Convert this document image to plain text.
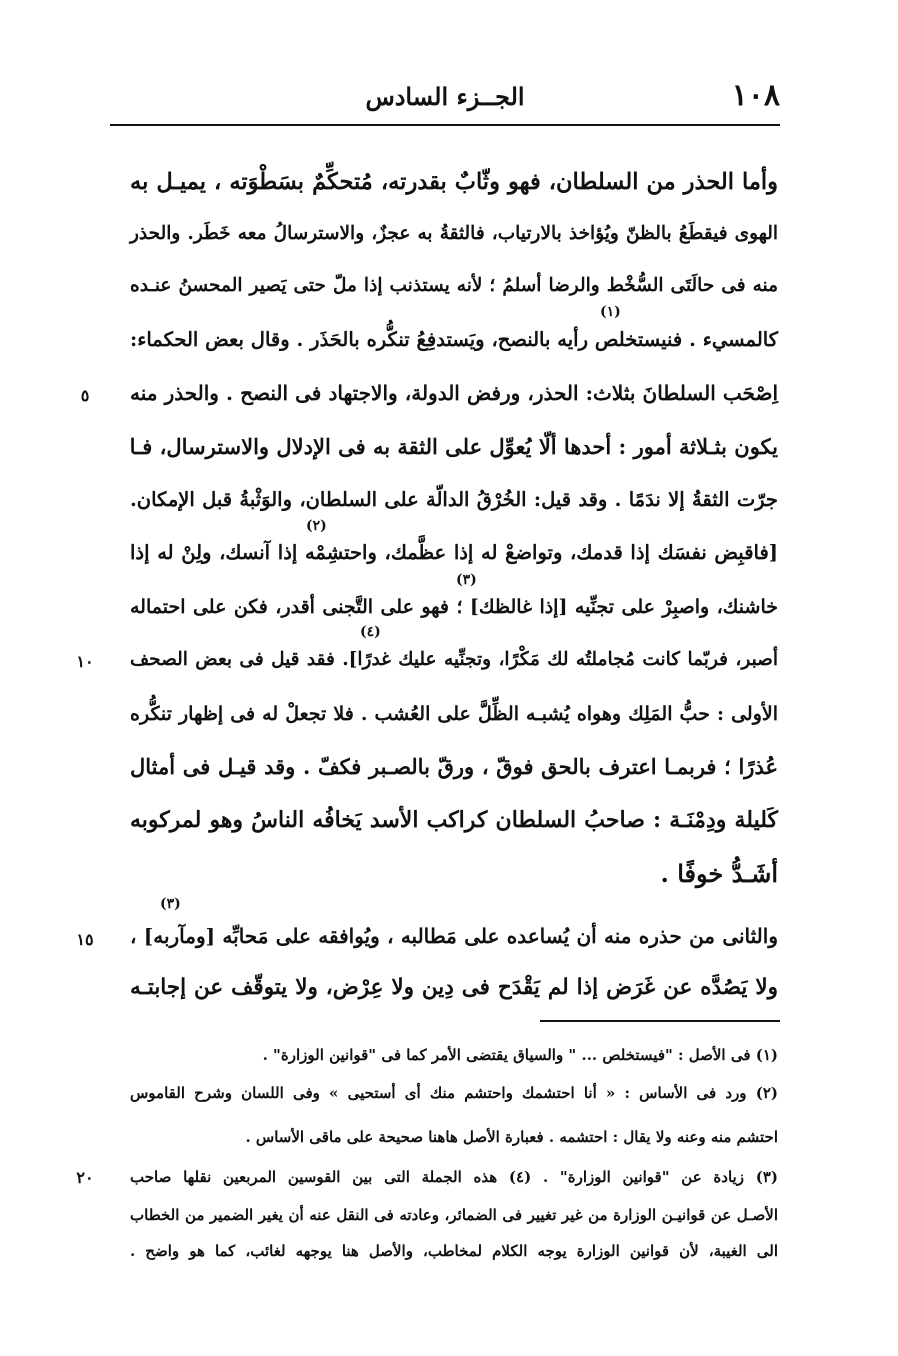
١٠٨
الجــزء السادس
وأما الحذر من السلطان، فهو وثّابٌ بقدرته، مُتحكِّمٌ بسَطْوَته ، يميـل به
الهوى فيقطَعُ بالظنّ ويُؤاخذ بالارتياب، فالثقةُ به عجزٌ، والاسترسالُ معه خَطَر. والحذر
منه فى حالَتَى السُّخْط والرضا أسلمُ ؛ لأنه يستذنب إذا ملّ حتى يَصير المحسنُ عنـده
كالمسيء . فنيستخلص رأيه بالنصح، ويَستدفِعُ تنكُّره بالحَذَر . وقال بعض الحكماء:
اِصْحَب السلطانَ بثلاث: الحذر، ورفض الدولة، والاجتهاد فى النصح . والحذر منه
يكون بثـلاثة أمور : أحدها ألّا يُعوِّل على الثقة به فى الإدلال والاسترسال، فـا
جرّت الثقةُ إلا ندَمًا . وقد قيل: الخُرْقُ الدالّة على السلطان، والوَثْبةُ قبل الإمكان.
[فاقبِض نفسَك إذا قدمك، وتواضعْ له إذا عظَّمك، واحتشِمْه إذا آنسك، ولِنْ له إذا
خاشنك، واصبِرْ على تجنِّيه [إذا غالظك] ؛ فهو على التَّجنى أقدر، فكن على احتماله
أصبر، فربّما كانت مُجاملتُه لك مَكْرًا، وتجنِّيه عليك غدرًا]. فقد قيل فى بعض الصحف
الأولى : حبُّ المَلِك وهواه يُشبـه الظِّلَّ على العُشب . فلا تجعلْ له فى إظهار تنكُّره
عُذرًا ؛ فربمـا اعترف بالحق فوقّ ، ورقّ بالصـبر فكفّ . وقد قيـل فى أمثال
كَليلة ودِمْنَـة : صاحبُ السلطان كراكب الأسد يَخافُه الناسُ وهو لمركوبه
أشَـدُّ خوفًا .
والثانى من حذره منه أن يُساعده على مَطالبه ، ويُوافقه على مَحابِّه [ومآربه] ،
ولا يَصُدَّه عن غَرَض إذا لم يَقْدَح فى دِين ولا عِرْض، ولا يتوقّف عن إجابتـه
(١)
(٢)
(٣)
(٤)
(٣)
٥
١٠
١٥
٢٠
(١) فى الأصل : "فيستخلص ... " والسياق يقتضى الأمر كما فى "قوانين الوزارة" .
(٢) ورد فى الأساس : « أنا احتشمك واحتشم منك أى أستحيى » وفى اللسان وشرح القاموس
احتشم منه وعنه ولا يقال : احتشمه . فعبارة الأصل هاهنا صحيحة على ماقى الأساس .
(٣) زيادة عن "قوانين الوزارة" . (٤) هذه الجملة التى بين القوسين المربعين نقلها صاحب
الأصـل عن قوانيـن الوزارة من غير تغيير فى الضمائر، وعادته فى النقل عنه أن يغير الضمير من الخطاب
الى الغيبة، لأن قوانين الوزارة يوجه الكلام لمخاطب، والأصل هنا يوجهه لغائب، كما هو واضح .
